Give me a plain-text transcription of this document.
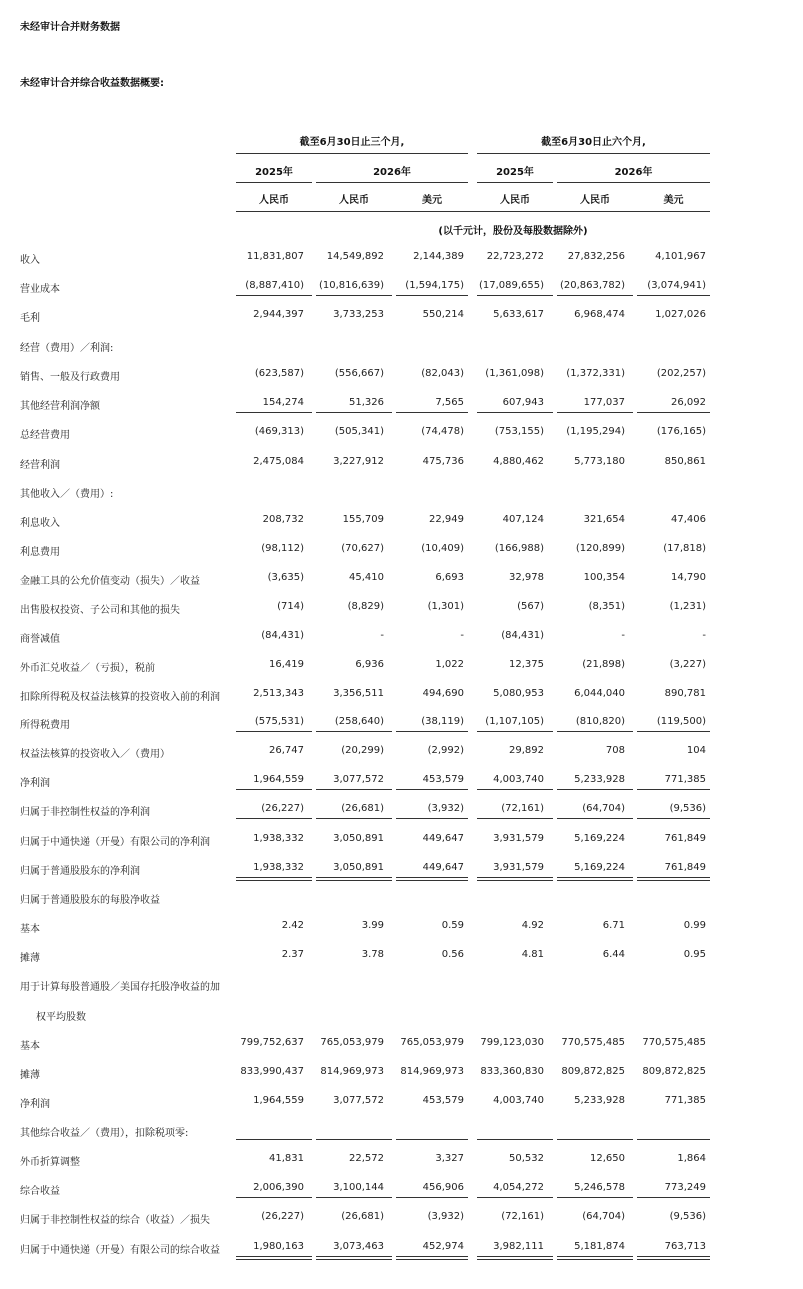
未经审计合并财务数据
未经审计合并综合收益数据概要:
截至6月30日止三个月,	截至6月30日止六个月,
2025年	2026年	2025年	2026年
人民币	人民币	美元	人民币	人民币	美元
(以千元计，股份及每股数据除外)
收入	11,831,807 14,549,892	2,144,389 22,723,272 27,832,256	4,101,967
营业成本	(8,887,410) (10,816,639) (1,594,175) (17,089,655) (20,863,782) (3,074,941)
毛利	2,944,397	3,733,253	550,214	5,633,617	6,968,474	1,027,026
经营（费用）／利润:
销售、一般及行政费用	(623,587)	(556,667)	(82,043) (1,361,098) (1,372,331)	(202,257)
其他经营利润净额	154,274	51,326	7,565	607,943	177,037	26,092
总经营费用	(469,313)	(505,341)	(74,478)	(753,155) (1,195,294)	(176,165)
经营利润	2,475,084	3,227,912	475,736	4,880,462	5,773,180	850,861
其他收入／（费用）:
利息收入	208,732	155,709	22,949	407,124	321,654	47,406
利息费用	(98,112)	(70,627)	(10,409)	(166,988)	(120,899)	(17,818)
金融工具的公允价值变动（损失）／收益	(3,635)	45,410	6,693	32,978	100,354	14,790
出售股权投资、子公司和其他的损失	(714)	(8,829)	(1,301)	(567)	(8,351)	(1,231)
商誉减值	(84,431)	-	-	(84,431)	-	-
外币汇兑收益／（亏损），税前	16,419	6,936	1,022	12,375	(21,898)	(3,227)
扣除所得税及权益法核算的投资收入前的利润	2,513,343	3,356,511	494,690	5,080,953	6,044,040	890,781
所得税费用	(575,531)	(258,640)	(38,119) (1,107,105)	(810,820)	(119,500)
权益法核算的投资收入／（费用）	26,747	(20,299)	(2,992)	29,892	708	104
净利润	1,964,559	3,077,572	453,579	4,003,740	5,233,928	771,385
归属于非控制性权益的净利润	(26,227)	(26,681)	(3,932)	(72,161)	(64,704)	(9,536)
归属于中通快递（开曼）有限公司的净利润	1,938,332	3,050,891	449,647	3,931,579	5,169,224	761,849
归属于普通股股东的净利润	1,938,332	3,050,891	449,647	3,931,579	5,169,224	761,849
归属于普通股股东的每股净收益
基本	2.42	3.99	0.59	4.92	6.71	0.99
摊薄	2.37	3.78	0.56	4.81	6.44	0.95
用于计算每股普通股／美国存托股净收益的加
权平均股数
基本	799,752,637 765,053,979 765,053,979 799,123,030 770,575,485 770,575,485
摊薄	833,990,437 814,969,973 814,969,973 833,360,830 809,872,825 809,872,825
净利润	1,964,559	3,077,572	453,579	4,003,740	5,233,928	771,385
其他综合收益／（费用），扣除税项零:
外币折算调整	41,831	22,572	3,327	50,532	12,650	1,864
综合收益	2,006,390	3,100,144	456,906	4,054,272	5,246,578	773,249
归属于非控制性权益的综合（收益）／损失	(26,227)	(26,681)	(3,932)	(72,161)	(64,704)	(9,536)
归属于中通快递（开曼）有限公司的综合收益	1,980,163	3,073,463	452,974	3,982,111	5,181,874	763,713
